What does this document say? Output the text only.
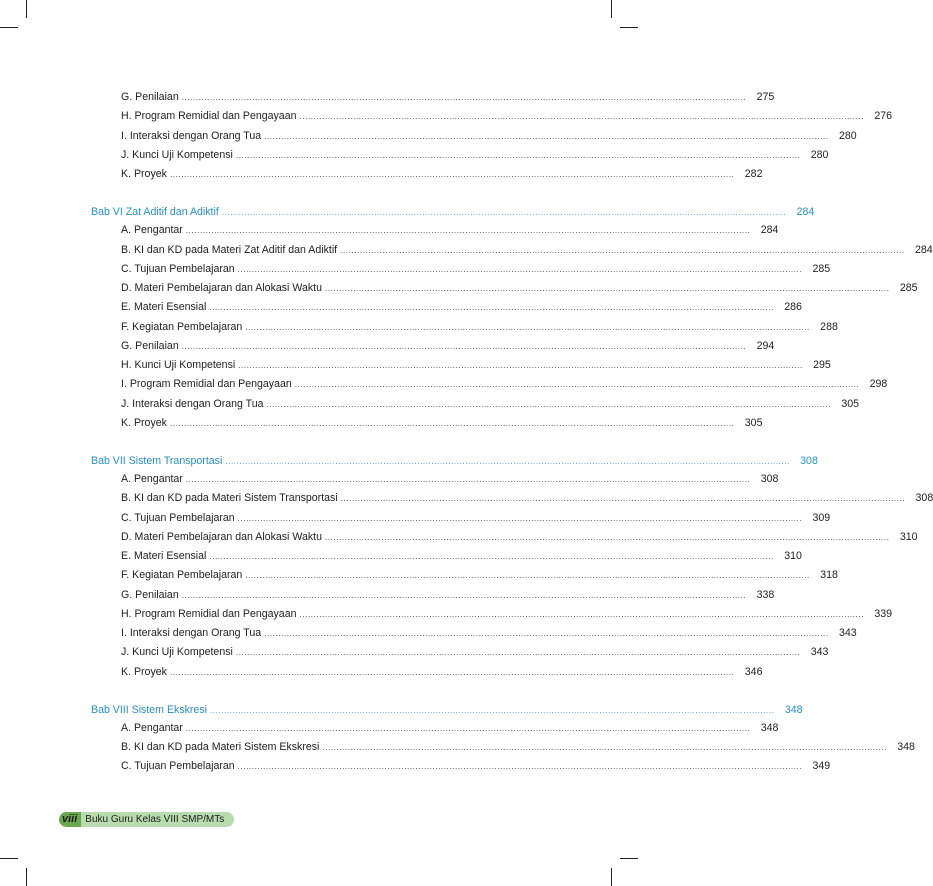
G. Penilaian ........................................................................................................................................................................................................ 275
H. Program Remidial dan Pengayaan ........................................................................................................................................................................................................ 276
I. Interaksi dengan Orang Tua ........................................................................................................................................................................................................ 280
J. Kunci Uji Kompetensi ........................................................................................................................................................................................................ 280
K. Proyek ........................................................................................................................................................................................................ 282
Bab VI Zat Aditif dan Adiktif ........................................................................................................................................................................................................ 284
A. Pengantar ........................................................................................................................................................................................................ 284
B. KI dan KD pada Materi Zat Aditif dan Adiktif ........................................................................................................................................................................................................ 284
C. Tujuan Pembelajaran ........................................................................................................................................................................................................ 285
D. Materi Pembelajaran dan Alokasi Waktu ........................................................................................................................................................................................................ 285
E. Materi Esensial ........................................................................................................................................................................................................ 286
F. Kegiatan Pembelajaran ........................................................................................................................................................................................................ 288
G. Penilaian ........................................................................................................................................................................................................ 294
H. Kunci Uji Kompetensi ........................................................................................................................................................................................................ 295
I. Program Remidial dan Pengayaan ........................................................................................................................................................................................................ 298
J. Interaksi dengan Orang Tua ........................................................................................................................................................................................................ 305
K. Proyek ........................................................................................................................................................................................................ 305
Bab VII Sistem Transportasi ........................................................................................................................................................................................................ 308
A. Pengantar ........................................................................................................................................................................................................ 308
B. KI dan KD pada Materi Sistem Transportasi ........................................................................................................................................................................................................ 308
C. Tujuan Pembelajaran ........................................................................................................................................................................................................ 309
D. Materi Pembelajaran dan Alokasi Waktu ........................................................................................................................................................................................................ 310
E. Materi Esensial ........................................................................................................................................................................................................ 310
F. Kegiatan Pembelajaran ........................................................................................................................................................................................................ 318
G. Penilaian ........................................................................................................................................................................................................ 338
H. Program Remidial dan Pengayaan ........................................................................................................................................................................................................ 339
I. Interaksi dengan Orang Tua ........................................................................................................................................................................................................ 343
J. Kunci Uji Kompetensi ........................................................................................................................................................................................................ 343
K. Proyek ........................................................................................................................................................................................................ 346
Bab VIII Sistem Ekskresi ........................................................................................................................................................................................................ 348
A. Pengantar ........................................................................................................................................................................................................ 348
B. KI dan KD pada Materi Sistem Ekskresi ........................................................................................................................................................................................................ 348
C. Tujuan Pembelajaran ........................................................................................................................................................................................................ 349
viii Buku Guru Kelas VIII SMP/MTs
